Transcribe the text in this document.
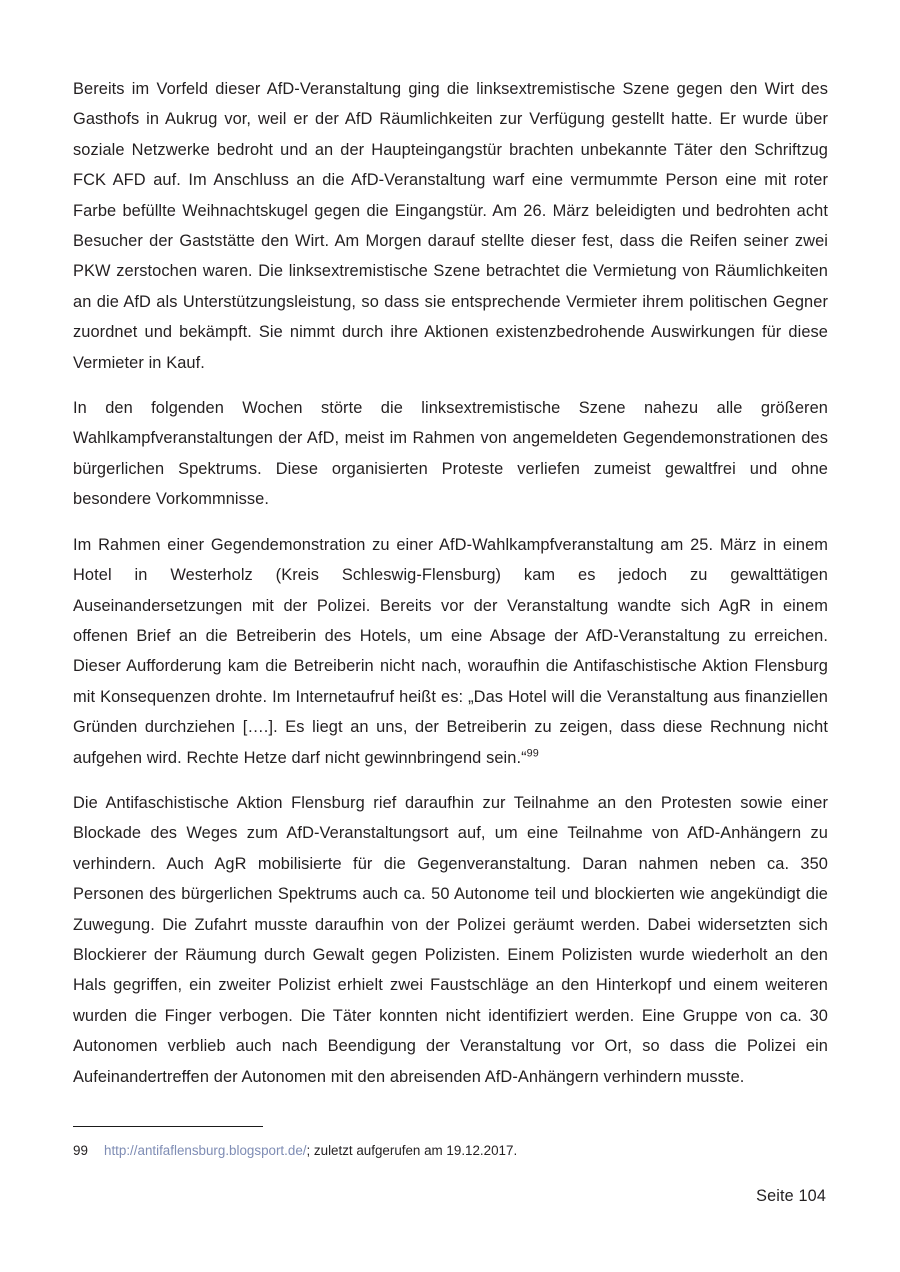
Bereits im Vorfeld dieser AfD-Veranstaltung ging die linksextremistische Szene gegen den Wirt des Gasthofs in Aukrug vor, weil er der AfD Räumlichkeiten zur Verfügung gestellt hatte. Er wurde über soziale Netzwerke bedroht und an der Haupteingangstür brachten unbekannte Täter den Schriftzug FCK AFD auf. Im Anschluss an die AfD-Veranstaltung warf eine vermummte Person eine mit roter Farbe befüllte Weihnachtskugel gegen die Eingangstür. Am 26. März beleidigten und bedrohten acht Besucher der Gaststätte den Wirt. Am Morgen darauf stellte dieser fest, dass die Reifen seiner zwei PKW zerstochen waren. Die linksextremistische Szene betrachtet die Vermietung von Räumlichkeiten an die AfD als Unterstützungsleistung, so dass sie entsprechende Vermieter ihrem politischen Gegner zuordnet und bekämpft. Sie nimmt durch ihre Aktionen existenzbedrohende Auswirkungen für diese Vermieter in Kauf.

In den folgenden Wochen störte die linksextremistische Szene nahezu alle größeren Wahlkampfveranstaltungen der AfD, meist im Rahmen von angemeldeten Gegendemonstrationen des bürgerlichen Spektrums. Diese organisierten Proteste verliefen zumeist gewaltfrei und ohne besondere Vorkommnisse.

Im Rahmen einer Gegendemonstration zu einer AfD-Wahlkampfveranstaltung am 25. März in einem Hotel in Westerholz (Kreis Schleswig-Flensburg) kam es jedoch zu gewalttätigen Auseinandersetzungen mit der Polizei. Bereits vor der Veranstaltung wandte sich AgR in einem offenen Brief an die Betreiberin des Hotels, um eine Absage der AfD-Veranstaltung zu erreichen. Dieser Aufforderung kam die Betreiberin nicht nach, woraufhin die Antifaschistische Aktion Flensburg mit Konsequenzen drohte. Im Internetaufruf heißt es: „Das Hotel will die Veranstaltung aus finanziellen Gründen durchziehen [….]. Es liegt an uns, der Betreiberin zu zeigen, dass diese Rechnung nicht aufgehen wird. Rechte Hetze darf nicht gewinnbringend sein.“$^{99}$

Die Antifaschistische Aktion Flensburg rief daraufhin zur Teilnahme an den Protesten sowie einer Blockade des Weges zum AfD-Veranstaltungsort auf, um eine Teilnahme von AfD-Anhängern zu verhindern. Auch AgR mobilisierte für die Gegenveranstaltung. Daran nahmen neben ca. 350 Personen des bürgerlichen Spektrums auch ca. 50 Autonome teil und blockierten wie angekündigt die Zuwegung. Die Zufahrt musste daraufhin von der Polizei geräumt werden. Dabei widersetzten sich Blockierer der Räumung durch Gewalt gegen Polizisten. Einem Polizisten wurde wiederholt an den Hals gegriffen, ein zweiter Polizist erhielt zwei Faustschläge an den Hinterkopf und einem weiteren wurden die Finger verbogen. Die Täter konnten nicht identifiziert werden. Eine Gruppe von ca. 30 Autonomen verblieb auch nach Beendigung der Veranstaltung vor Ort, so dass die Polizei ein Aufeinandertreffen der Autonomen mit den abreisenden AfD-Anhängern verhindern musste.

99	http://antifaflensburg.blogsport.de/; zuletzt aufgerufen am 19.12.2017.
Seite 104
